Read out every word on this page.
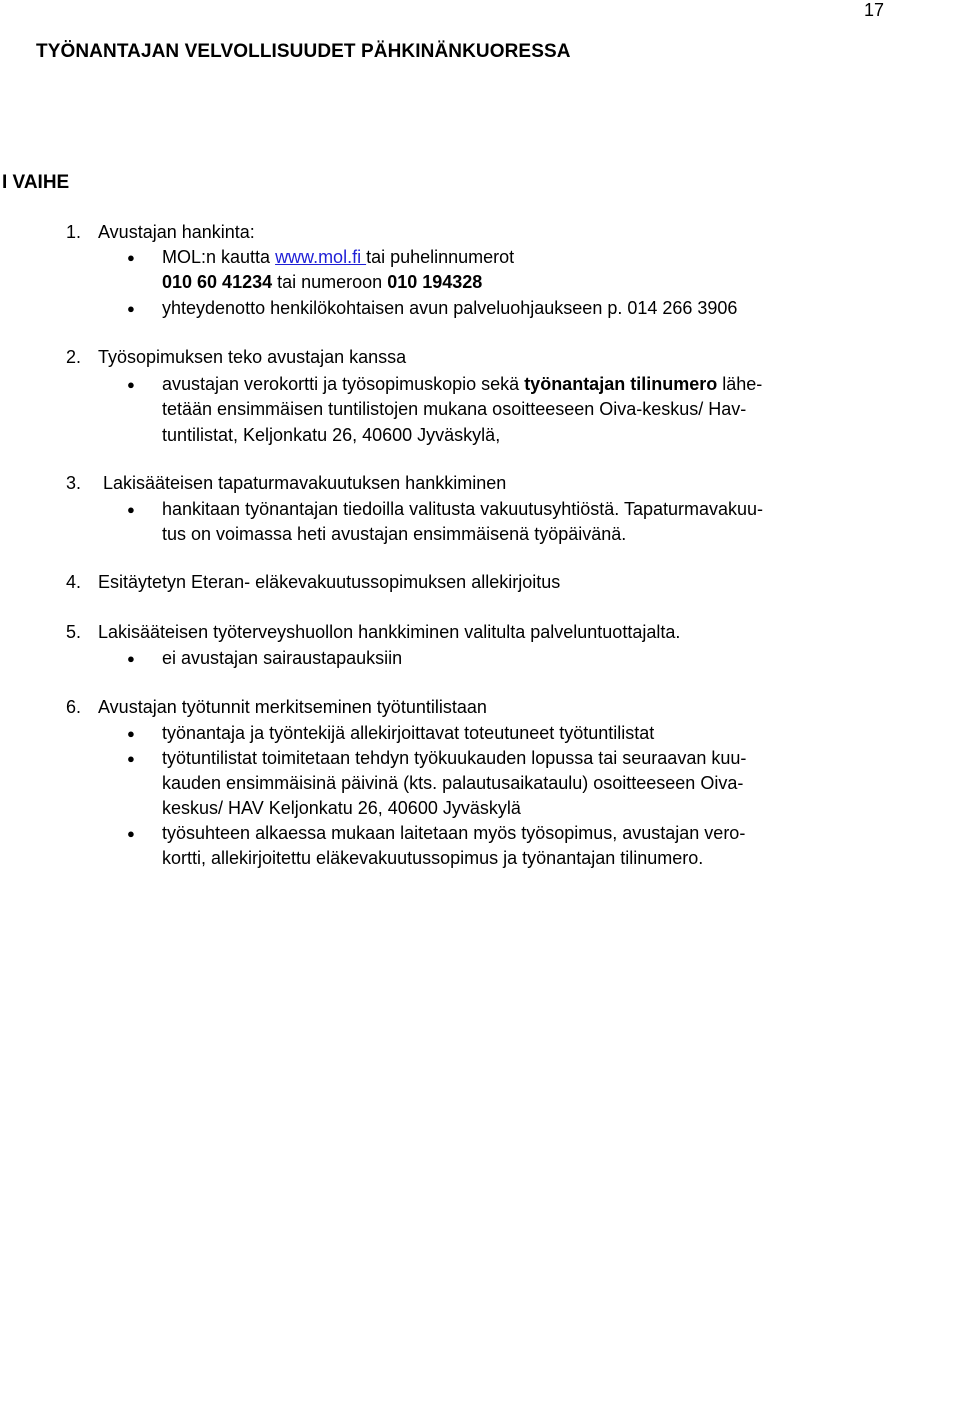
17
TYÖNANTAJAN VELVOLLISUUDET PÄHKINÄNKUORESSA
I VAIHE
1. Avustajan hankinta:
● MOL:n kautta www.mol.fi tai puhelinnumerot
010 60 41234 tai numeroon 010 194328
● yhteydenotto henkilökohtaisen avun palveluohjaukseen p. 014 266 3906
2. Työsopimuksen teko avustajan kanssa
● avustajan verokortti ja työsopimuskopio sekä työnantajan tilinumero lähe-
tetään ensimmäisen tuntilistojen mukana osoitteeseen Oiva-keskus/ Hav-
tuntilistat, Keljonkatu 26, 40600 Jyväskylä,
3. Lakisääteisen tapaturmavakuutuksen hankkiminen
● hankitaan työnantajan tiedoilla valitusta vakuutusyhtiöstä. Tapaturmavakuu-
tus on voimassa heti avustajan ensimmäisenä työpäivänä.
4. Esitäytetyn Eteran- eläkevakuutussopimuksen allekirjoitus
5. Lakisääteisen työterveyshuollon hankkiminen valitulta palveluntuottajalta.
● ei avustajan sairaustapauksiin
6. Avustajan työtunnit merkitseminen työtuntilistaan
● työnantaja ja työntekijä allekirjoittavat toteutuneet työtuntilistat
● työtuntilistat toimitetaan tehdyn työkuukauden lopussa tai seuraavan kuu-
kauden ensimmäisinä päivinä (kts. palautusaikataulu) osoitteeseen Oiva-
keskus/ HAV Keljonkatu 26, 40600 Jyväskylä
● työsuhteen alkaessa mukaan laitetaan myös työsopimus, avustajan vero-
kortti, allekirjoitettu eläkevakuutussopimus ja työnantajan tilinumero.
